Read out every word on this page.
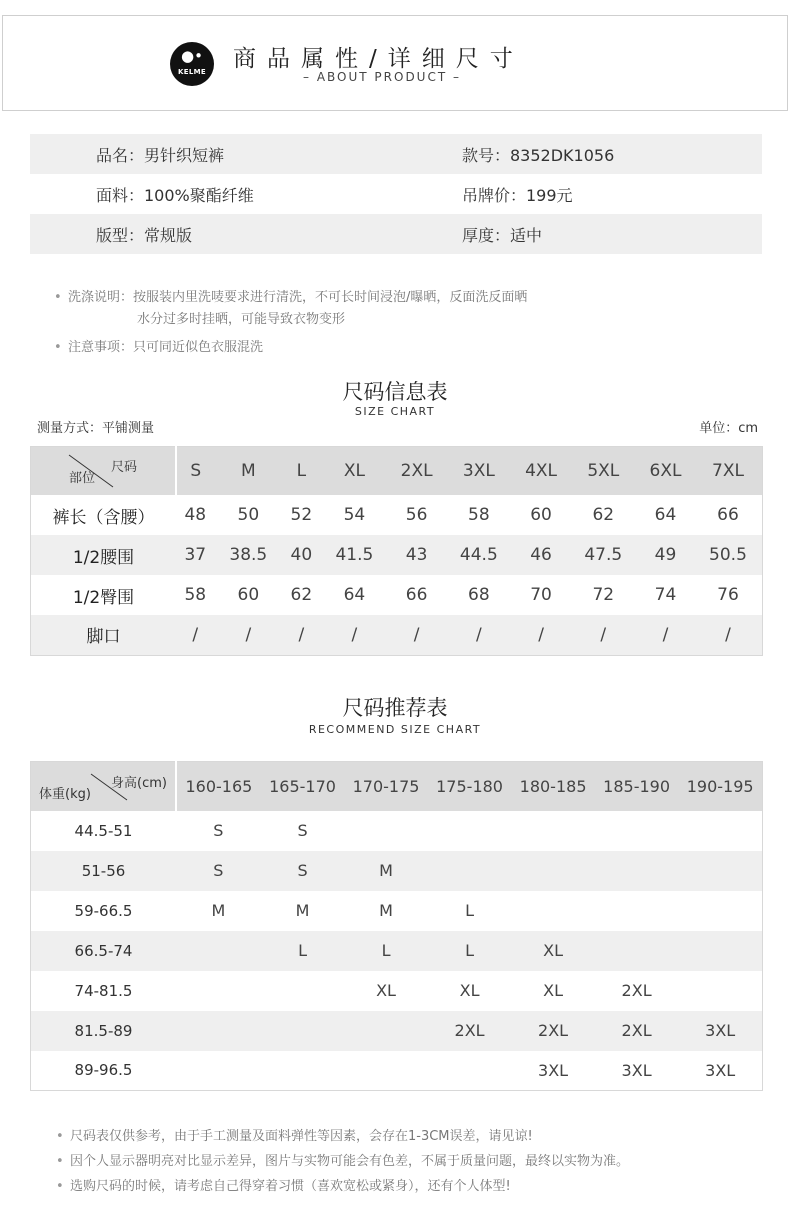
●•
KELME	商品属性/详细尺寸
– ABOUT PRODUCT –
品名：男针织短裤	款号：8352DK1056
面料：100%聚酯纤维	吊牌价：199元
版型：常规版	厚度：适中
• 洗涤说明：按服装内里洗唛要求进行清洗，不可长时间浸泡/曝晒，反面洗反面晒
水分过多时挂晒，可能导致衣物变形
• 注意事项：只可同近似色衣服混洗
尺码信息表
SIZE CHART
测量方式：平铺测量	单位：cm
尺码
部位	S	M	L	XL	2XL	3XL	4XL	5XL	6XL	7XL
裤长（含腰）	48	50	52	54	56	58	60	62	64	66
1/2腰围	37	38.5	40	41.5	43	44.5	46	47.5	49	50.5
1/2臀围	58	60	62	64	66	68	70	72	74	76
脚口	/	/	/	/	/	/	/	/	/	/
尺码推荐表
RECOMMEND SIZE CHART
身高(cm)
体重(kg)	160-165	165-170	170-175	175-180	180-185	185-190	190-195
44.5-51	S	S					
51-56	S	S	M				
59-66.5	M	M	M	L			
66.5-74		L	L	L	XL		
74-81.5			XL	XL	XL	2XL	
81.5-89				2XL	2XL	2XL	3XL
89-96.5					3XL	3XL	3XL
• 尺码表仅供参考，由于手工测量及面料弹性等因素，会存在1-3CM误差，请见谅!
• 因个人显示器明亮对比显示差异，图片与实物可能会有色差，不属于质量问题，最终以实物为准。
• 选购尺码的时候，请考虑自己得穿着习惯（喜欢宽松或紧身），还有个人体型!
